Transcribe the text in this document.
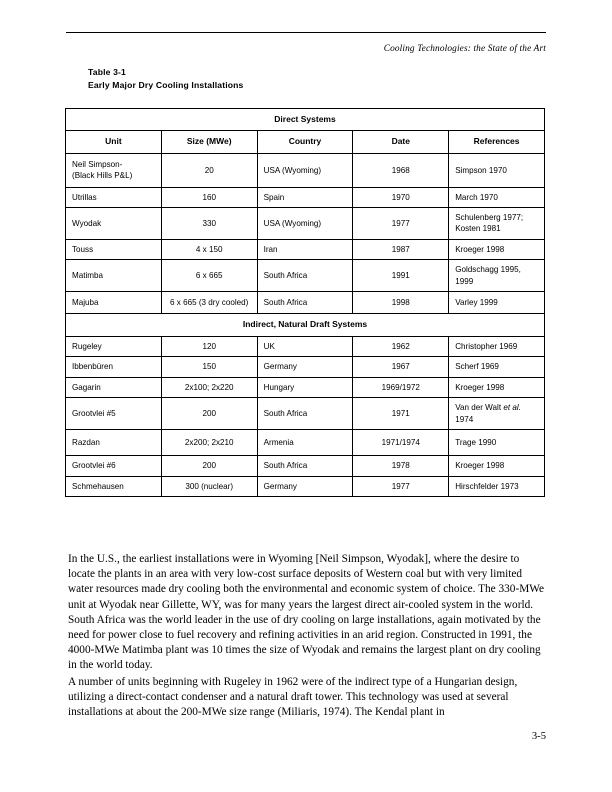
Cooling Technologies: the State of the Art
Table 3-1
Early Major Dry Cooling Installations
Direct Systems				

Unit	Size (MWe)	Country	Date	References

Neil Simpson-
(Black Hills P&L)	20	USA (Wyoming)	1968	Simpson 1970

Utrillas	160	Spain	1970	March 1970

Wyodak	330	USA (Wyoming)	1977	Schulenberg 1977; Kosten 1981

Touss	4 x 150	Iran	1987	Kroeger 1998

Matimba	6 x 665	South Africa	1991	Goldschagg 1995, 1999

Majuba	6 x 665 (3 dry cooled)	South Africa	1998	Varley 1999

Indirect, Natural Draft Systems				

Rugeley	120	UK	1962	Christopher 1969

Ibbenbüren	150	Germany	1967	Scherf 1969

Gagarin	2x100; 2x220	Hungary	1969/1972	Kroeger 1998

Grootvlei #5	200	South Africa	1971	Van der Walt et al. 1974

Razdan	2x200; 2x210	Armenia	1971/1974	Trage 1990

Grootvlei #6	200	South Africa	1978	Kroeger 1998

Schmehausen	300 (nuclear)	Germany	1977	Hirschfelder 1973

In the U.S., the earliest installations were in Wyoming [Neil Simpson, Wyodak], where the desire to locate the plants in an area with very low-cost surface deposits of Western coal but with very limited water resources made dry cooling both the environmental and economic system of choice. The 330-MWe unit at Wyodak near Gillette, WY, was for many years the largest direct air-cooled system in the world. South Africa was the world leader in the use of dry cooling on large installations, again motivated by the need for power close to fuel recovery and refining activities in an arid region. Constructed in 1991, the 4000-MWe Matimba plant was 10 times the size of Wyodak and remains the largest plant on dry cooling in the world today.

A number of units beginning with Rugeley in 1962 were of the indirect type of a Hungarian design, utilizing a direct-contact condenser and a natural draft tower. This technology was used at several installations at about the 200-MWe size range (Miliaris, 1974). The Kendal plant in

3-5
